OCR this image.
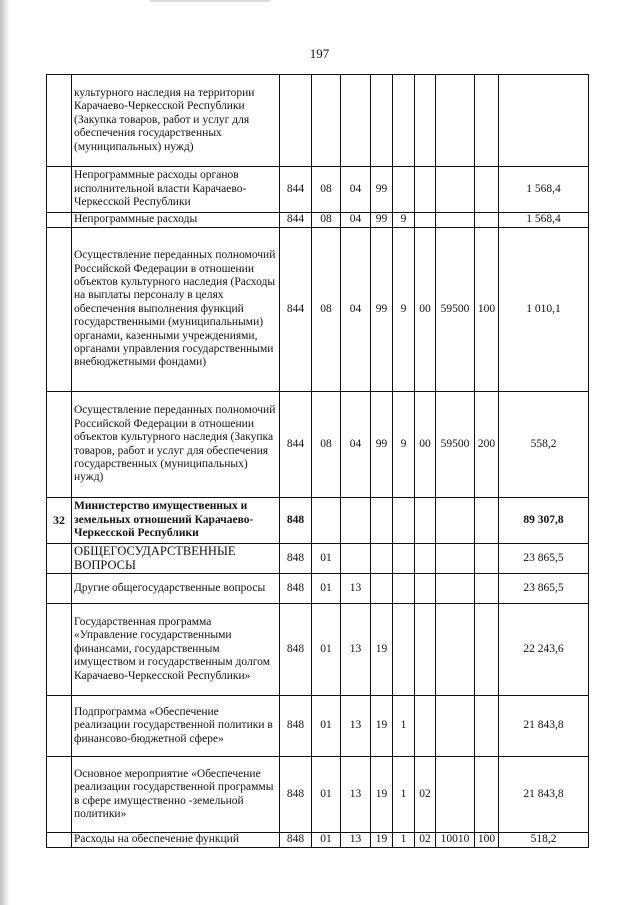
197
	культурного наследия на территории Карачаево-Черкесской Республики (Закупка товаров, работ и услуг для обеспечения государственных (муниципальных) нужд)									
	Непрограммные расходы органов исполнительной власти Карачаево-Черкесской Республики	844	08	04	99					1 568,4
	Непрограммные расходы	844	08	04	99	9				1 568,4
	Осуществление переданных полномочий Российской Федерации в отношении объектов культурного наследия (Расходы на выплаты персоналу в целях обеспечения выполнения функций государственными (муниципальными) органами, казенными учреждениями, органами управления государственными внебюджетными фондами)	844	08	04	99	9	00	59500	100	1 010,1
	Осуществление переданных полномочий Российской Федерации в отношении объектов культурного наследия (Закупка товаров, работ и услуг для обеспечения государственных (муниципальных) нужд)	844	08	04	99	9	00	59500	200	558,2
32	Министерство имущественных и земельных отношений Карачаево-Черкесской Республики	848								89 307,8
	ОБЩЕГОСУДАРСТВЕННЫЕ ВОПРОСЫ	848	01							23 865,5
	Другие общегосударственные вопросы	848	01	13						23 865,5
	Государственная программа «Управление государственными финансами, государственным имуществом и государственным долгом Карачаево-Черкесской Республики»	848	01	13	19					22 243,6
	Подпрограмма «Обеспечение реализации государственной политики в финансово-бюджетной сфере»	848	01	13	19	1				21 843,8
	Основное мероприятие «Обеспечение реализации государственной программы в сфере имущественно -земельной политики»	848	01	13	19	1	02			21 843,8
	Расходы на обеспечение функций	848	01	13	19	1	02	10010	100	518,2
